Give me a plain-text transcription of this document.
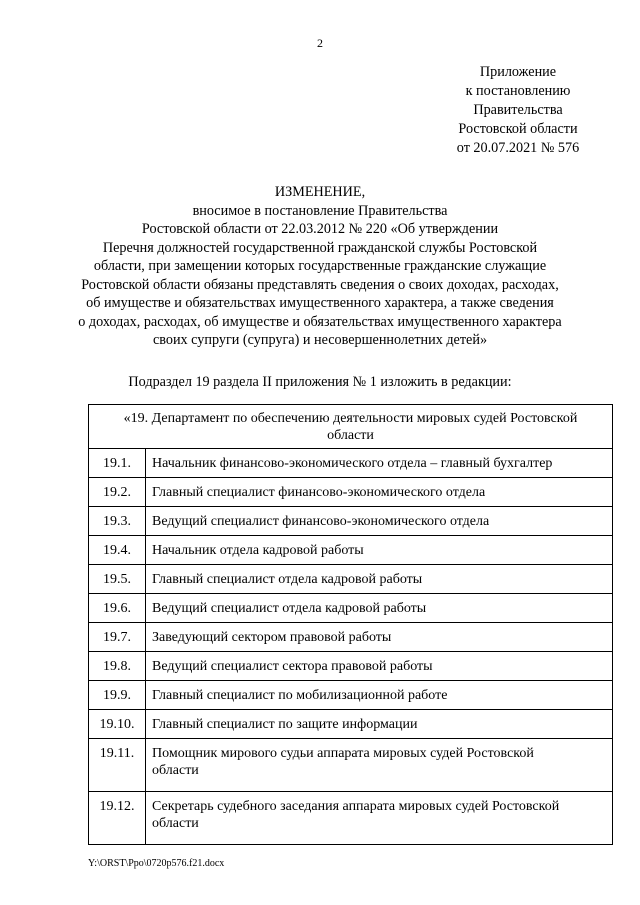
2
Приложение
к постановлению
Правительства
Ростовской области
от 20.07.2021 № 576
ИЗМЕНЕНИЕ,
вносимое в постановление Правительства
Ростовской области от 22.03.2012 № 220 «Об утверждении
Перечня должностей государственной гражданской службы Ростовской
области, при замещении которых государственные гражданские служащие
Ростовской области обязаны представлять сведения о своих доходах, расходах,
об имуществе и обязательствах имущественного характера, а также сведения
о доходах, расходах, об имуществе и обязательствах имущественного характера
своих супруги (супруга) и несовершеннолетних детей»
Подраздел 19 раздела II приложения № 1 изложить в редакции:
«19. Департамент по обеспечению деятельности мировых судей Ростовской
области	

19.1.	Начальник финансово-экономического отдела – главный бухгалтер
19.2.	Главный специалист финансово-экономического отдела
19.3.	Ведущий специалист финансово-экономического отдела
19.4.	Начальник отдела кадровой работы
19.5.	Главный специалист отдела кадровой работы
19.6.	Ведущий специалист отдела кадровой работы
19.7.	Заведующий сектором правовой работы
19.8.	Ведущий специалист сектора правовой работы
19.9.	Главный специалист по мобилизационной работе
19.10.	Главный специалист по защите информации
19.11.	Помощник мирового судьи аппарата мировых судей Ростовской
области

19.12.	Секретарь судебного заседания аппарата мировых судей Ростовской
области
Y:\ORST\Ppo\0720p576.f21.docx
